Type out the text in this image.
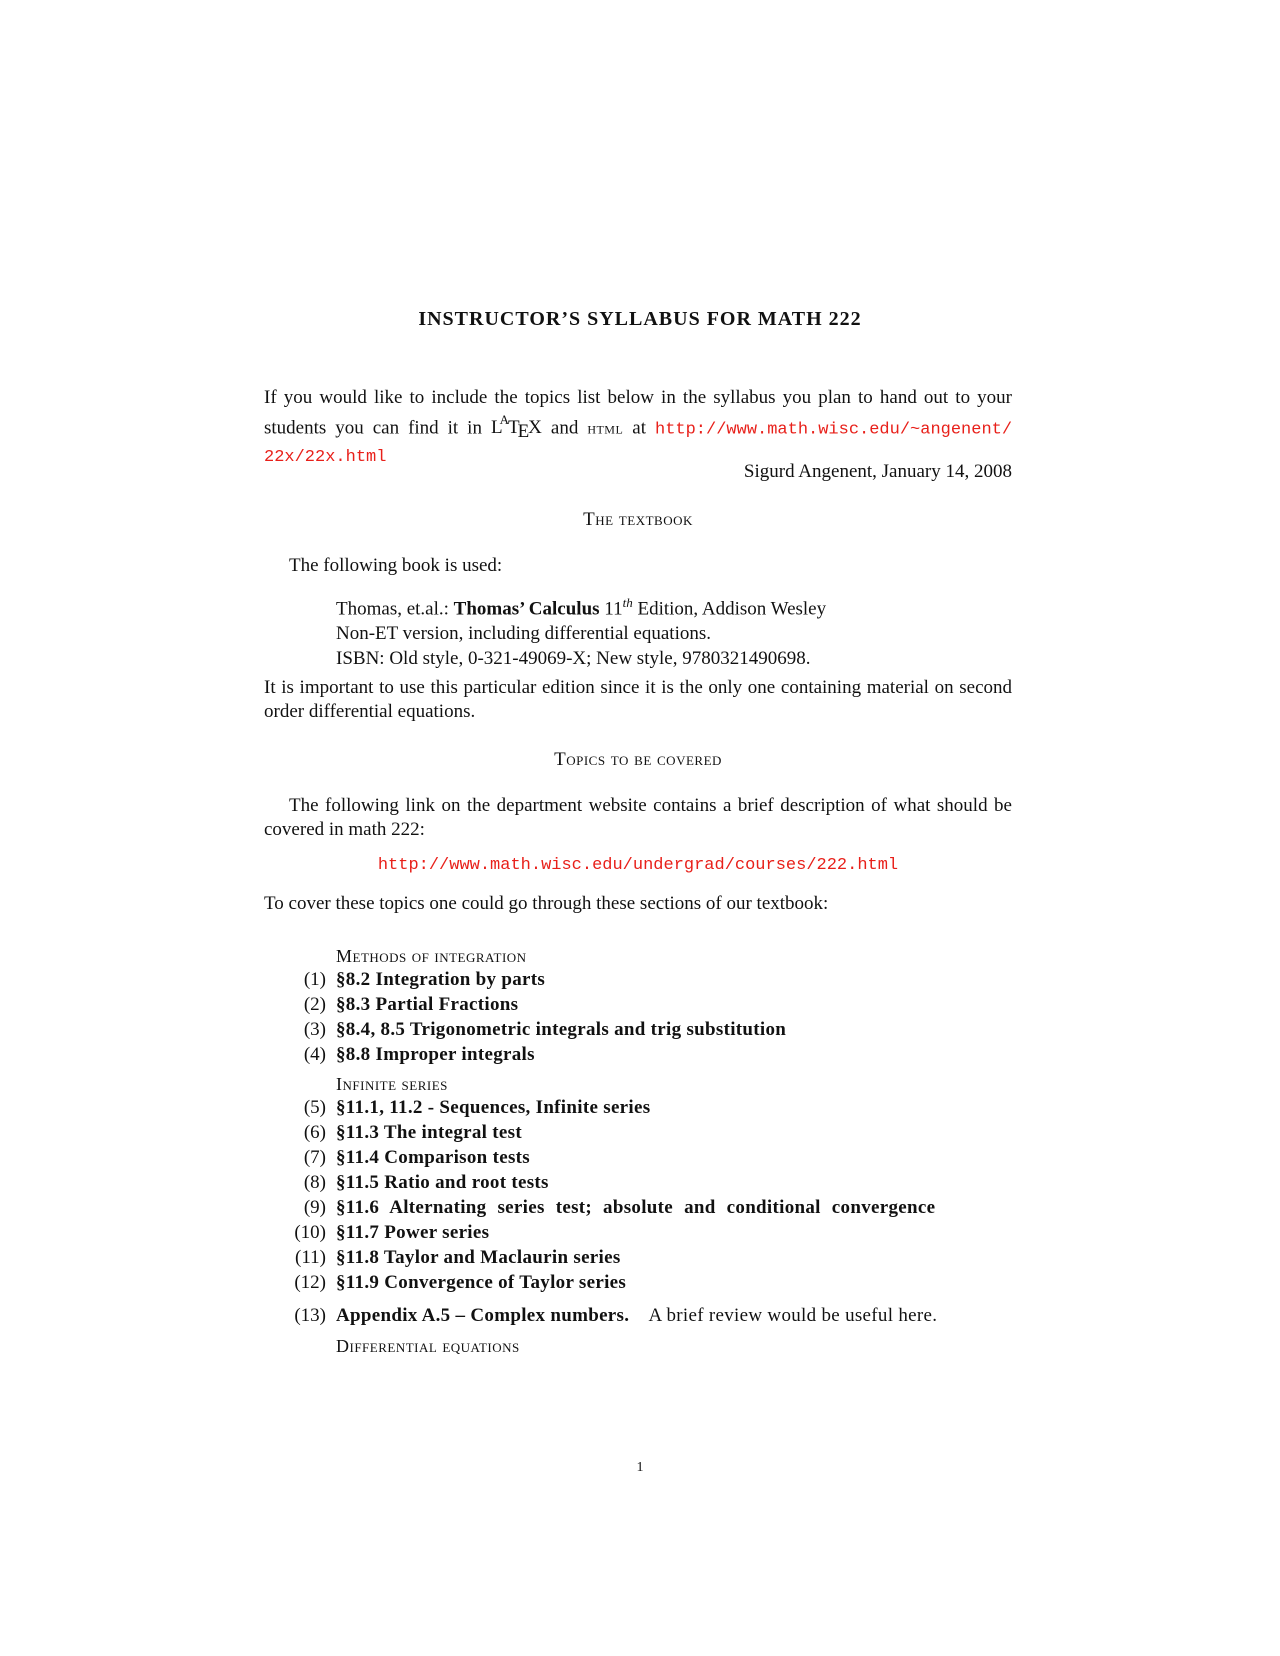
INSTRUCTOR’S SYLLABUS FOR MATH 222
If you would like to include the topics list below in the syllabus you plan to hand out to your students you can find it in $L^AT_EX$ and html at http://www.math.wisc.edu/~angenent/ 22x/22x.html
Sigurd Angenent, January 14, 2008
The textbook
The following book is used:
Thomas, et.al.: Thomas’ Calculus 11th Edition, Addison Wesley
Non-ET version, including differential equations.
ISBN: Old style, 0-321-49069-X; New style, 9780321490698.
It is important to use this particular edition since it is the only one containing material on second order differential equations.
Topics to be covered
The following link on the department website contains a brief description of what should be covered in math 222:
http://www.math.wisc.edu/undergrad/courses/222.html
To cover these topics one could go through these sections of our textbook:
Methods of integration
(1) §8.2 Integration by parts
(2) §8.3 Partial Fractions
(3) §8.4, 8.5 Trigonometric integrals and trig substitution
(4) §8.8 Improper integrals
Infinite series
(5) §11.1, 11.2 - Sequences, Infinite series
(6) §11.3 The integral test
(7) §11.4 Comparison tests
(8) §11.5 Ratio and root tests
(9) §11.6 Alternating series test; absolute and conditional convergence
(10) §11.7 Power series
(11) §11.8 Taylor and Maclaurin series
(12) §11.9 Convergence of Taylor series
(13) Appendix A.5 – Complex numbers. A brief review would be useful here.
Differential equations
1
